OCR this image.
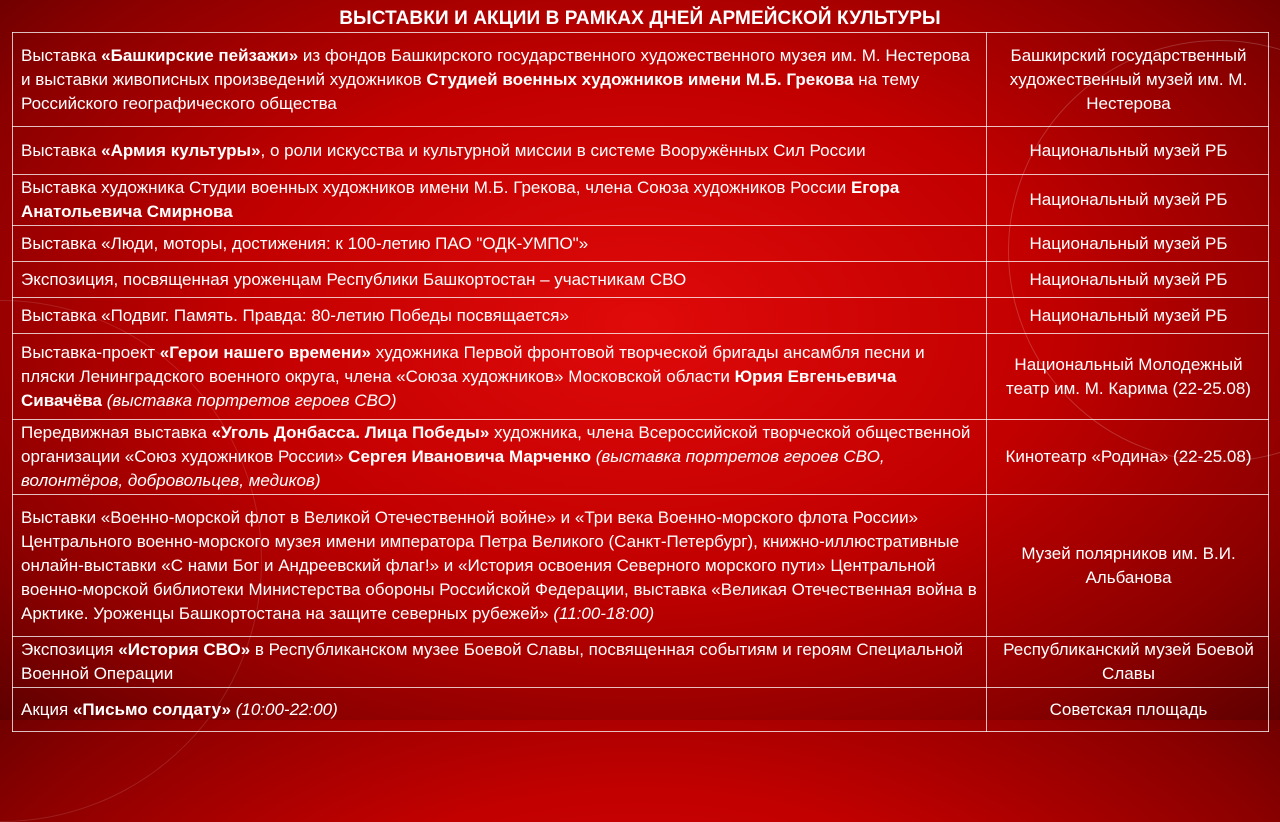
ВЫСТАВКИ И АКЦИИ В РАМКАХ ДНЕЙ АРМЕЙСКОЙ КУЛЬТУРЫ
Выставка «Башкирские пейзажи» из фондов Башкирского государственного художественного музея им. М. Нестерова и выставки живописных произведений художников Студией военных художников имени М.Б. Грекова на тему Российского географического общества	Башкирский государственный художественный музей им. М. Нестерова
Выставка «Армия культуры», о роли искусства и культурной миссии в системе Вооружённых Сил России	Национальный музей РБ
Выставка художника Студии военных художников имени М.Б. Грекова, члена Союза художников России Егора Анатольевича Смирнова	Национальный музей РБ
Выставка «Люди, моторы, достижения: к 100-летию ПАО "ОДК-УМПО"»	Национальный музей РБ
Экспозиция, посвященная уроженцам Республики Башкортостан – участникам СВО	Национальный музей РБ
Выставка «Подвиг. Память. Правда: 80-летию Победы посвящается»	Национальный музей РБ
Выставка-проект «Герои нашего времени» художника Первой фронтовой творческой бригады ансамбля песни и пляски Ленинградского военного округа, члена «Союза художников» Московской области Юрия Евгеньевича Сивачёва (выставка портретов героев СВО)	Национальный Молодежный театр им. М. Карима (22-25.08)
Передвижная выставка «Уголь Донбасса. Лица Победы» художника, члена Всероссийской творческой общественной организации «Союз художников России» Сергея Ивановича Марченко (выставка портретов героев СВО, волонтёров, добровольцев, медиков)	Кинотеатр «Родина» (22-25.08)
Выставки «Военно-морской флот в Великой Отечественной войне» и «Три века Военно-морского флота России» Центрального военно-морского музея имени императора Петра Великого (Санкт-Петербург), книжно-иллюстративные онлайн-выставки «С нами Бог и Андреевский флаг!» и «История освоения Северного морского пути» Центральной военно-морской библиотеки Министерства обороны Российской Федерации, выставка «Великая Отечественная война в Арктике. Уроженцы Башкортостана на защите северных рубежей» (11:00-18:00)	Музей полярников им. В.И. Альбанова
Экспозиция «История СВО» в Республиканском музее Боевой Славы, посвященная событиям и героям Специальной Военной Операции	Республиканский музей Боевой Славы
Акция «Письмо солдату» (10:00-22:00)	Советская площадь
